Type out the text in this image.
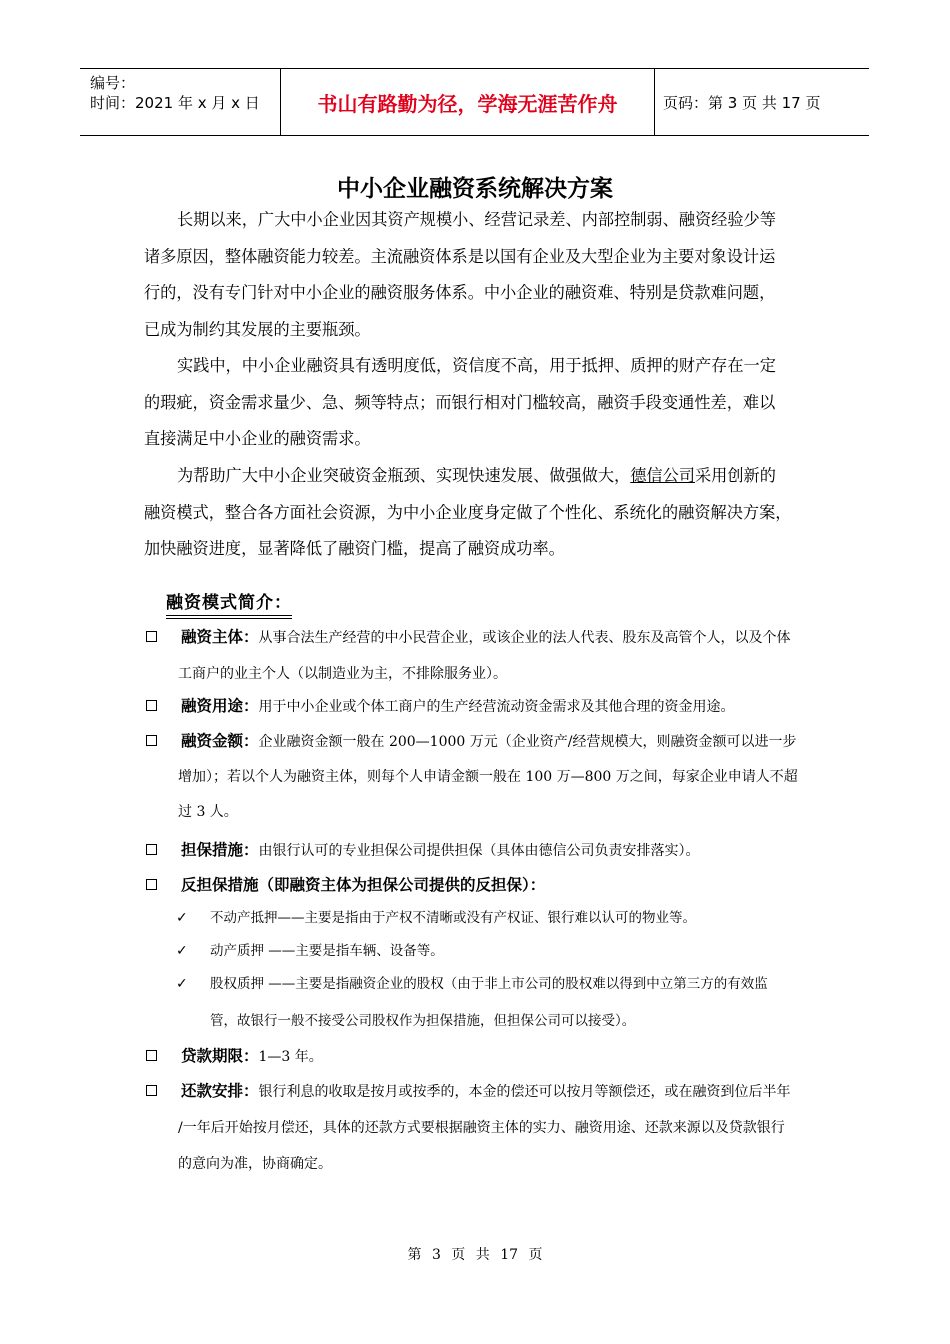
编号：
时间：2021 年 x 月 x 日	书山有路勤为径，学海无涯苦作舟	页码：第 3 页 共 17 页
中小企业融资系统解决方案
长期以来，广大中小企业因其资产规模小、经营记录差、内部控制弱、融资经验少等
诸多原因，整体融资能力较差。主流融资体系是以国有企业及大型企业为主要对象设计运
行的，没有专门针对中小企业的融资服务体系。中小企业的融资难、特别是贷款难问题，
已成为制约其发展的主要瓶颈。
实践中，中小企业融资具有透明度低，资信度不高，用于抵押、质押的财产存在一定
的瑕疵，资金需求量少、急、频等特点；而银行相对门槛较高，融资手段变通性差，难以
直接满足中小企业的融资需求。
为帮助广大中小企业突破资金瓶颈、实现快速发展、做强做大，德信公司采用创新的
融资模式，整合各方面社会资源，为中小企业度身定做了个性化、系统化的融资解决方案，
加快融资进度，显著降低了融资门槛，提高了融资成功率。
融资模式简介：
融资主体： 从事合法生产经营的中小民营企业，或该企业的法人代表、股东及高管个人，以及个体
工商户的业主个人（以制造业为主，不排除服务业）。
融资用途： 用于中小企业或个体工商户的生产经营流动资金需求及其他合理的资金用途。
融资金额： 企业融资金额一般在 200—1000 万元（企业资产/经营规模大，则融资金额可以进一步
增加）；若以个人为融资主体，则每个人申请金额一般在 100 万—800 万之间，每家企业申请人不超
过 3 人。
担保措施： 由银行认可的专业担保公司提供担保（具体由德信公司负责安排落实）。
反担保措施（即融资主体为担保公司提供的反担保）：
✓	不动产抵押——主要是指由于产权不清晰或没有产权证、银行难以认可的物业等。
✓	动产质押 ——主要是指车辆、设备等。
✓	股权质押 ——主要是指融资企业的股权（由于非上市公司的股权难以得到中立第三方的有效监
管，故银行一般不接受公司股权作为担保措施，但担保公司可以接受）。
贷款期限： 1—3 年。
还款安排： 银行利息的收取是按月或按季的，本金的偿还可以按月等额偿还，或在融资到位后半年
/一年后开始按月偿还，具体的还款方式要根据融资主体的实力、融资用途、还款来源以及贷款银行
的意向为准，协商确定。
第 3 页 共 17 页
